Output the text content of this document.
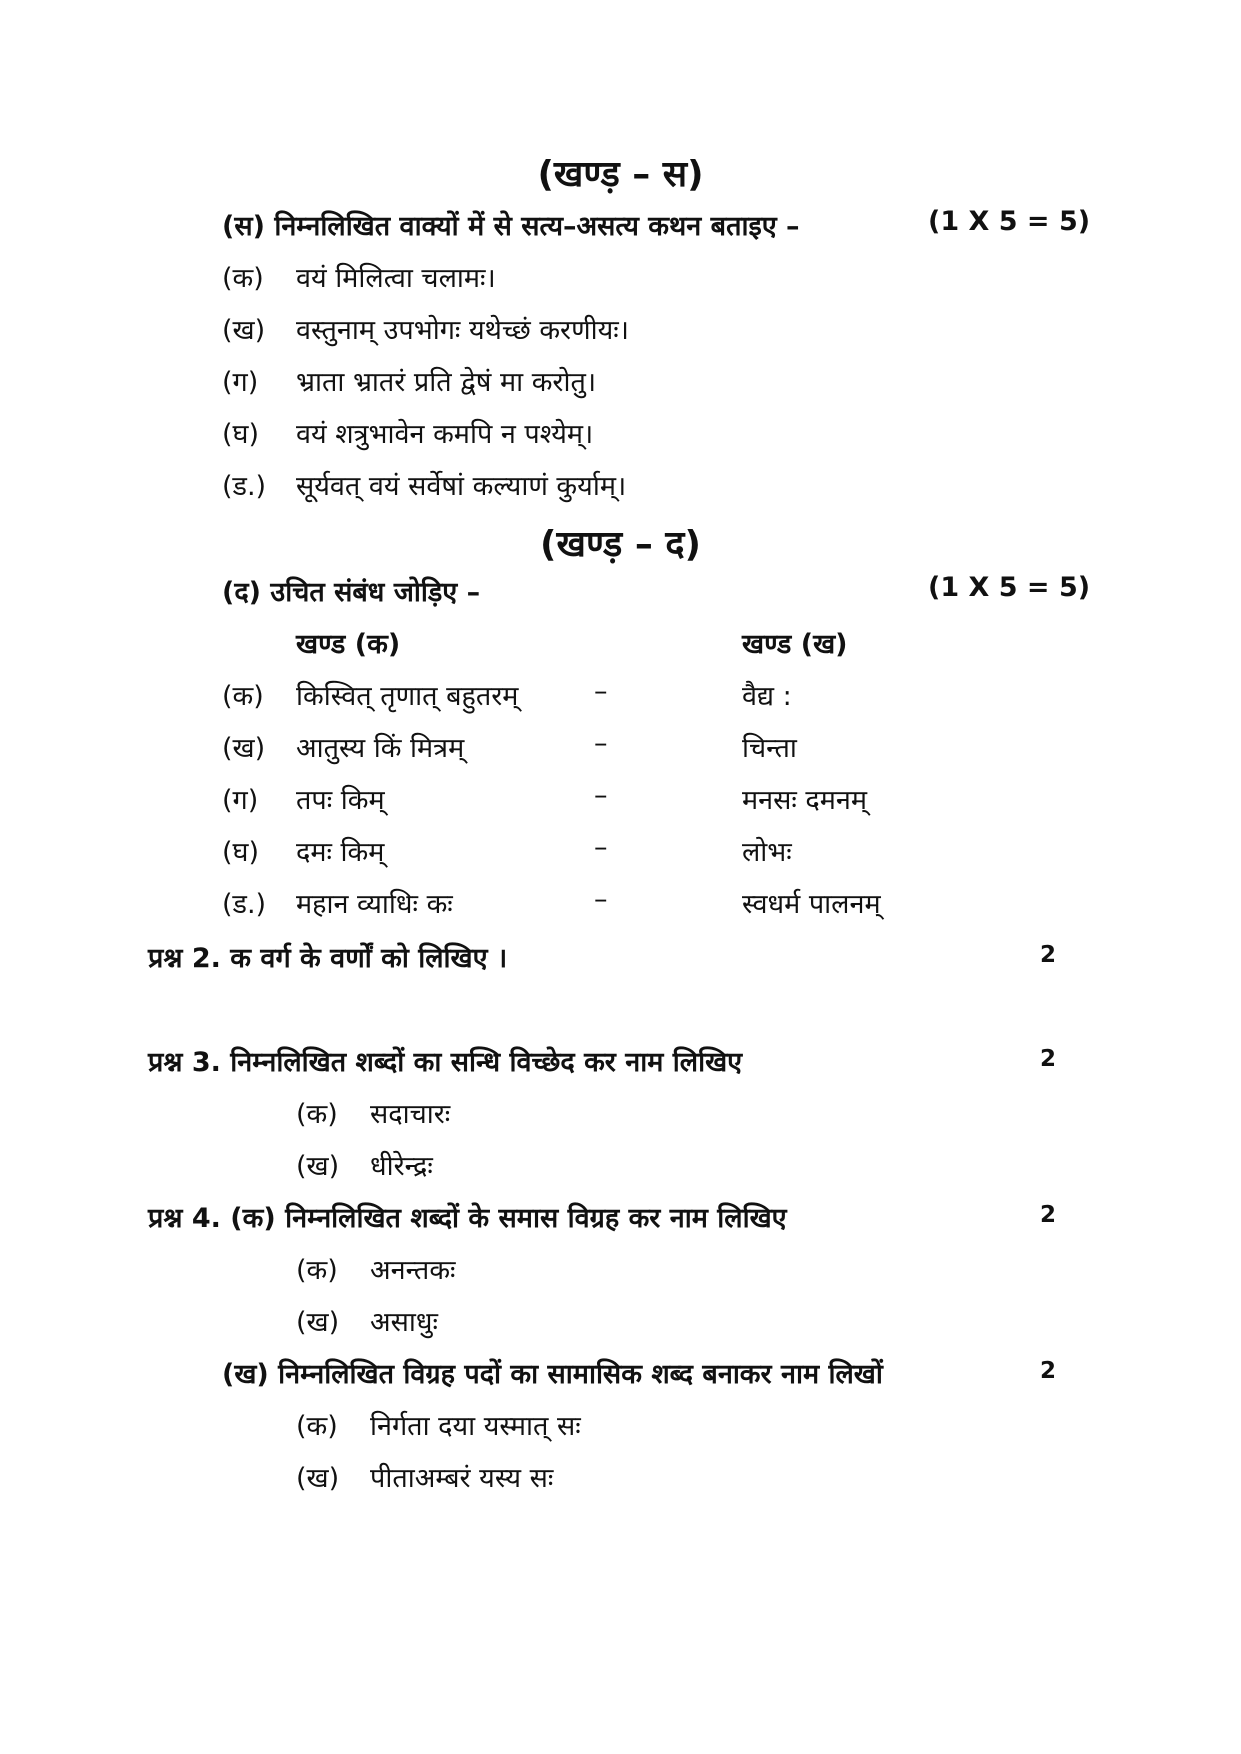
(खण्ड़ – स)
(स) निम्नलिखित वाक्यों में से सत्य–असत्य कथन बताइए –	(1 X 5 = 5)
(क) वयं मिलित्वा चलामः।
(ख) वस्तुनाम् उपभोगः यथेच्छं करणीयः।
(ग) भ्राता भ्रातरं प्रति द्वेषं मा करोतु।
(घ) वयं शत्रुभावेन कमपि न पश्येम्।
(ड.) सूर्यवत् वयं सर्वेषां कल्याणं कुर्याम्।
(खण्ड़ – द)
(द) उचित संबंध जोड़िए –	(1 X 5 = 5)
खण्ड (क)	खण्ड (ख)
(क) किस्वित् तृणात् बहुतरम्	–	वैद्य :
(ख) आतुस्य किं मित्रम्	–	चिन्ता
(ग) तपः किम्	–	मनसः दमनम्
(घ) दमः किम्	–	लोभः
(ड.) महान व्याधिः कः	–	स्वधर्म पालनम्
प्रश्न 2. क वर्ग के वर्णों को लिखिए ।	2
प्रश्न 3. निम्नलिखित शब्दों का सन्धि विच्छेद कर नाम लिखिए	2
(क) सदाचारः
(ख) धीरेन्द्रः
प्रश्न 4. (क) निम्नलिखित शब्दों के समास विग्रह कर नाम लिखिए	2
(क) अनन्तकः
(ख) असाधुः
(ख) निम्नलिखित विग्रह पदों का सामासिक शब्द बनाकर नाम लिखों	2
(क) निर्गता दया यस्मात् सः
(ख) पीताअम्बरं यस्य सः
